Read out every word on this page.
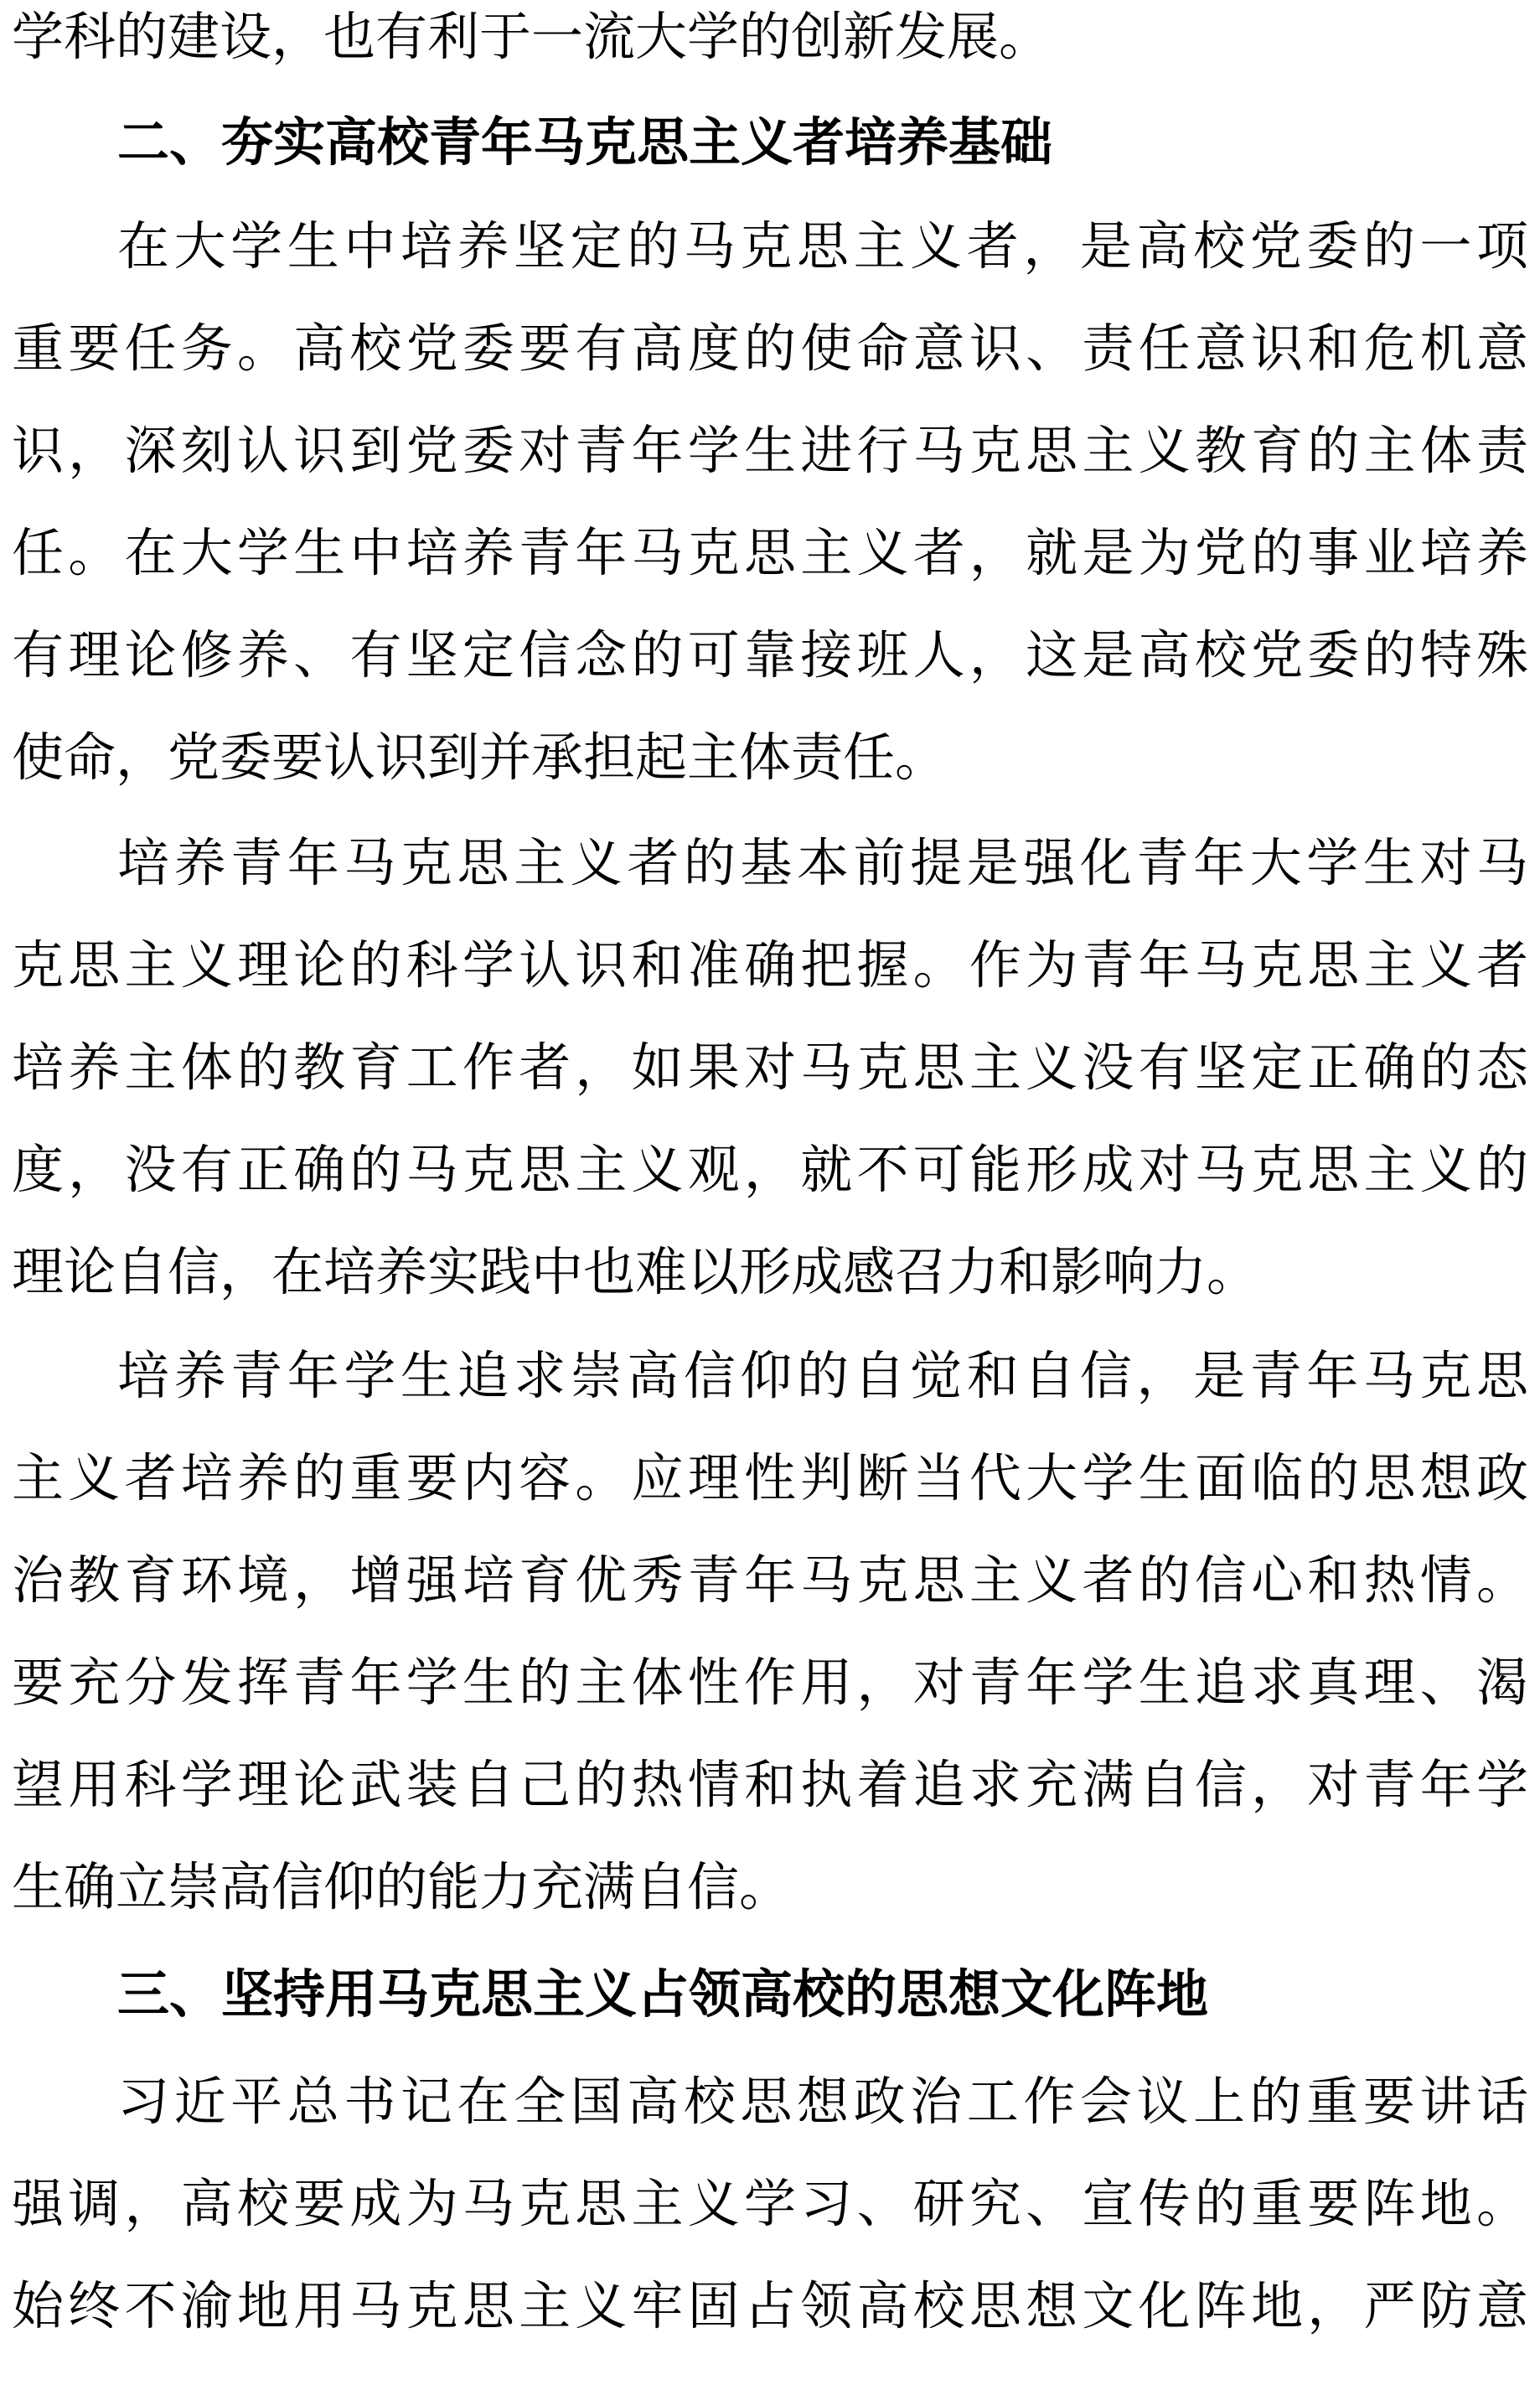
学科的建设，也有利于一流大学的创新发展。
二、夯实高校青年马克思主义者培养基础
在大学生中培养坚定的马克思主义者，是高校党委的一项
重要任务。高校党委要有高度的使命意识、责任意识和危机意
识，深刻认识到党委对青年学生进行马克思主义教育的主体责
任。在大学生中培养青年马克思主义者，就是为党的事业培养
有理论修养、有坚定信念的可靠接班人，这是高校党委的特殊
使命，党委要认识到并承担起主体责任。
培养青年马克思主义者的基本前提是强化青年大学生对马
克思主义理论的科学认识和准确把握。作为青年马克思主义者
培养主体的教育工作者，如果对马克思主义没有坚定正确的态
度，没有正确的马克思主义观，就不可能形成对马克思主义的
理论自信，在培养实践中也难以形成感召力和影响力。
培养青年学生追求崇高信仰的自觉和自信，是青年马克思
主义者培养的重要内容。应理性判断当代大学生面临的思想政
治教育环境，增强培育优秀青年马克思主义者的信心和热情。
要充分发挥青年学生的主体性作用，对青年学生追求真理、渴
望用科学理论武装自己的热情和执着追求充满自信，对青年学
生确立崇高信仰的能力充满自信。
三、坚持用马克思主义占领高校的思想文化阵地
习近平总书记在全国高校思想政治工作会议上的重要讲话
强调，高校要成为马克思主义学习、研究、宣传的重要阵地。
始终不渝地用马克思主义牢固占领高校思想文化阵地，严防意
